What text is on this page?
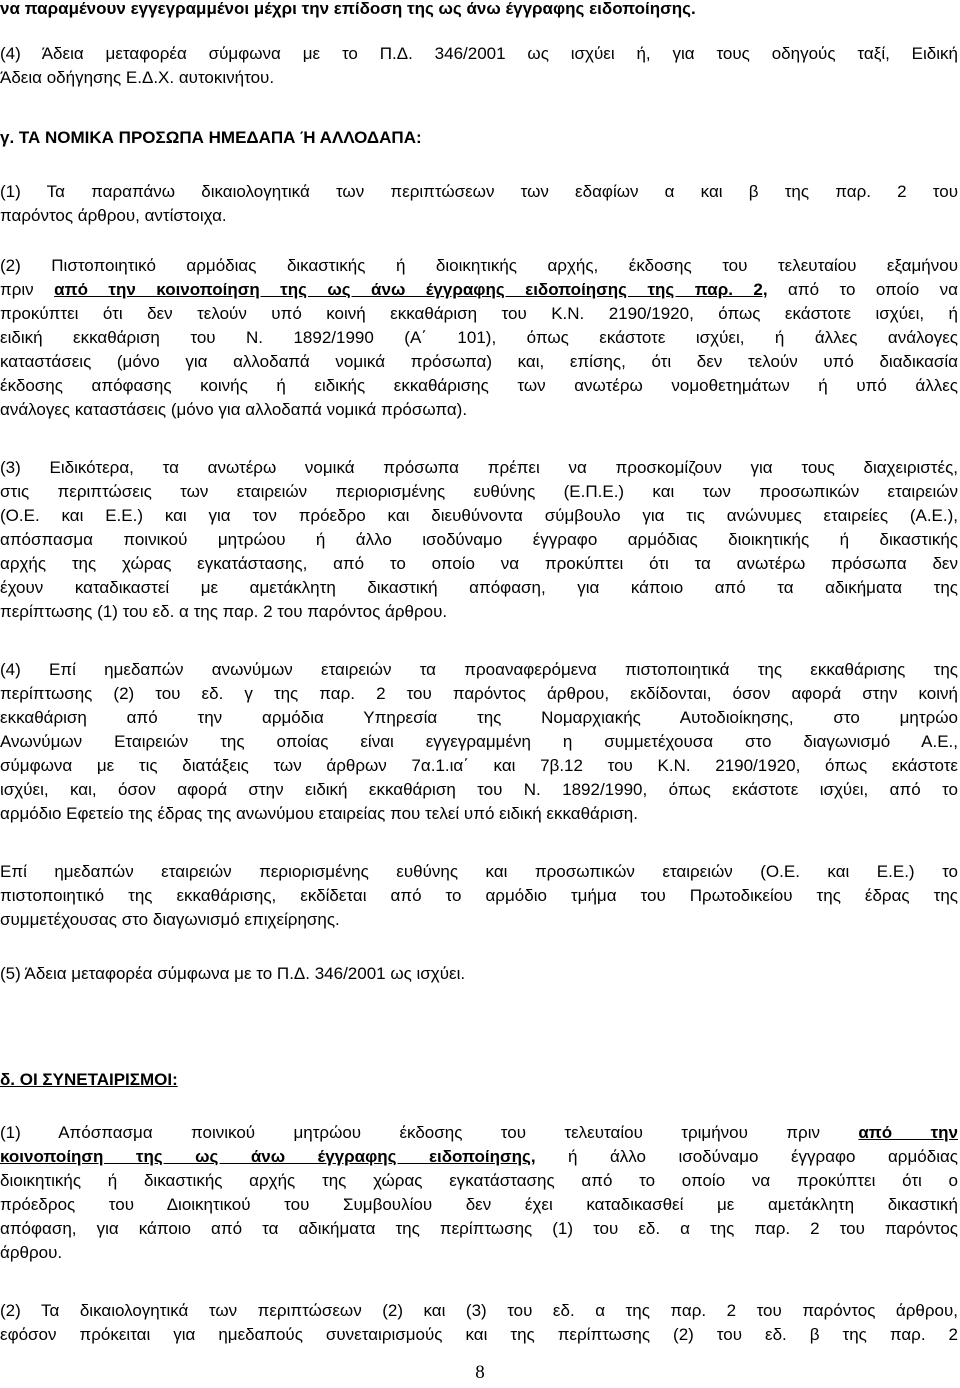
να παραμένουν εγγεγραμμένοι μέχρι την επίδοση της ως άνω έγγραφης ειδοποίησης.

(4) Άδεια μεταφορέα σύμφωνα με το Π.Δ. 346/2001 ως ισχύει ή, για τους οδηγούς ταξί, Ειδική
Άδεια οδήγησης Ε.Δ.Χ. αυτοκινήτου.

γ. ΤΑ ΝΟΜΙΚΑ ΠΡΟΣΩΠΑ ΗΜΕΔΑΠΑ Ή ΑΛΛΟΔΑΠΑ:

(1) Τα παραπάνω δικαιολογητικά των περιπτώσεων των εδαφίων α και β της παρ. 2 του
παρόντος άρθρου, αντίστοιχα.

(2) Πιστοποιητικό αρμόδιας δικαστικής ή διοικητικής αρχής, έκδοσης του τελευταίου εξαμήνου
πριν από την κοινοποίηση της ως άνω έγγραφης ειδοποίησης της παρ. 2, από το οποίο να
προκύπτει ότι δεν τελούν υπό κοινή εκκαθάριση του Κ.Ν. 2190/1920, όπως εκάστοτε ισχύει, ή
ειδική εκκαθάριση του Ν. 1892/1990 (Α΄ 101), όπως εκάστοτε ισχύει, ή άλλες ανάλογες
καταστάσεις (μόνο για αλλοδαπά νομικά πρόσωπα) και, επίσης, ότι δεν τελούν υπό διαδικασία
έκδοσης απόφασης κοινής ή ειδικής εκκαθάρισης των ανωτέρω νομοθετημάτων ή υπό άλλες
ανάλογες καταστάσεις (μόνο για αλλοδαπά νομικά πρόσωπα).

(3) Ειδικότερα, τα ανωτέρω νομικά πρόσωπα πρέπει να προσκομίζουν για τους διαχειριστές,
στις περιπτώσεις των εταιρειών περιορισμένης ευθύνης (Ε.Π.Ε.) και των προσωπικών εταιρειών
(Ο.Ε. και Ε.Ε.) και για τον πρόεδρο και διευθύνοντα σύμβουλο για τις ανώνυμες εταιρείες (Α.Ε.),
απόσπασμα ποινικού μητρώου ή άλλο ισοδύναμο έγγραφο αρμόδιας διοικητικής ή δικαστικής
αρχής της χώρας εγκατάστασης, από το οποίο να προκύπτει ότι τα ανωτέρω πρόσωπα δεν
έχουν καταδικαστεί με αμετάκλητη δικαστική απόφαση, για κάποιο από τα αδικήματα της
περίπτωσης (1) του εδ. α της παρ. 2 του παρόντος άρθρου.

(4) Επί ημεδαπών ανωνύμων εταιρειών τα προαναφερόμενα πιστοποιητικά της εκκαθάρισης της
περίπτωσης (2) του εδ. γ της παρ. 2 του παρόντος άρθρου, εκδίδονται, όσον αφορά στην κοινή
εκκαθάριση από την αρμόδια Υπηρεσία της Νομαρχιακής Αυτοδιοίκησης, στο μητρώο
Ανωνύμων Εταιρειών της οποίας είναι εγγεγραμμένη η συμμετέχουσα στο διαγωνισμό Α.Ε.,
σύμφωνα με τις διατάξεις των άρθρων 7α.1.ια΄ και 7β.12 του Κ.Ν. 2190/1920, όπως εκάστοτε
ισχύει, και, όσον αφορά στην ειδική εκκαθάριση του Ν. 1892/1990, όπως εκάστοτε ισχύει, από το
αρμόδιο Εφετείο της έδρας της ανωνύμου εταιρείας που τελεί υπό ειδική εκκαθάριση.

Επί ημεδαπών εταιρειών περιορισμένης ευθύνης και προσωπικών εταιρειών (Ο.Ε. και Ε.Ε.) το
πιστοποιητικό της εκκαθάρισης, εκδίδεται από το αρμόδιο τμήμα του Πρωτοδικείου της έδρας της
συμμετέχουσας στο διαγωνισμό επιχείρησης.

(5) Άδεια μεταφορέα σύμφωνα με το Π.Δ. 346/2001 ως ισχύει.

δ. ΟΙ ΣΥΝΕΤΑΙΡΙΣΜΟΙ:

(1) Απόσπασμα ποινικού μητρώου έκδοσης του τελευταίου τριμήνου πριν από την
κοινοποίηση της ως άνω έγγραφης ειδοποίησης, ή άλλο ισοδύναμο έγγραφο αρμόδιας
διοικητικής ή δικαστικής αρχής της χώρας εγκατάστασης από το οποίο να προκύπτει ότι ο
πρόεδρος του Διοικητικού του Συμβουλίου δεν έχει καταδικασθεί με αμετάκλητη δικαστική
απόφαση, για κάποιο από τα αδικήματα της περίπτωσης (1) του εδ. α της παρ. 2 του παρόντος
άρθρου.

(2) Τα δικαιολογητικά των περιπτώσεων (2) και (3) του εδ. α της παρ. 2 του παρόντος άρθρου,
εφόσον πρόκειται για ημεδαπούς συνεταιρισμούς και της περίπτωσης (2) του εδ. β της παρ. 2

8
